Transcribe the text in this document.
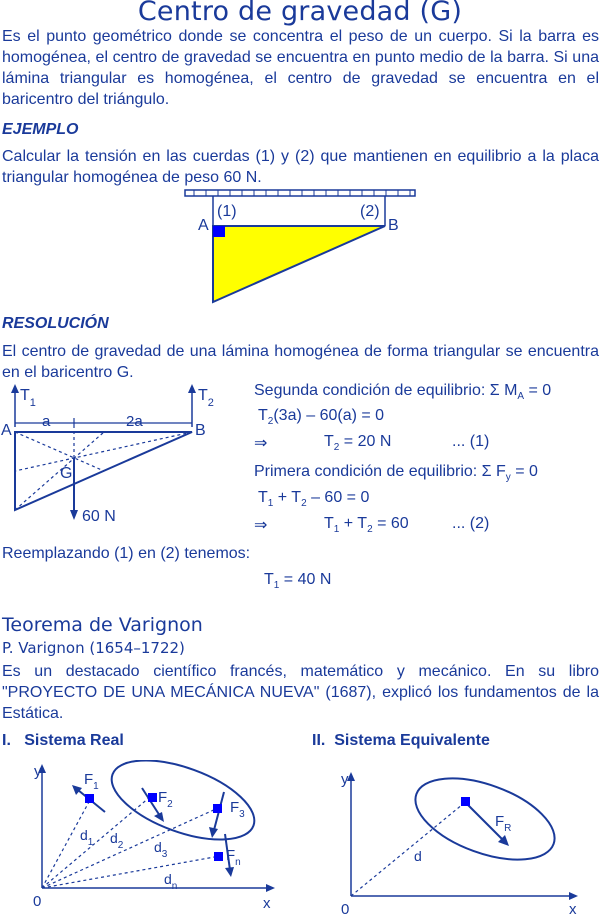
Centro de gravedad (G)
Es el punto geométrico donde se concentra el peso de un cuerpo. Si la barra es homogénea, el centro de gravedad se encuentra en punto medio de la barra. Si una lámina triangular es homogénea, el centro de gravedad se encuentra en el baricentro del triángulo.
EJEMPLO
Calcular la tensión en las cuerdas (1) y (2) que mantienen en equilibrio a la placa triangular homogénea de peso 60 N.
A	B
(1)	(2)
RESOLUCIÓN
El centro de gravedad de una lámina homogénea de forma triangular se encuentra en el baricentro G.
$T_1$	$T_2$
a	2a
G
A	B
60 N
Segunda condición de equilibrio: Σ $M_A = 0$
$T_2(3a) - 60(a) = 0$
⇒	$T_2 = 20$ N	... (1)
Primera condición de equilibrio: Σ $F_y = 0$
$T_1 + T_2 - 60 = 0$
⇒	$T_1 + T_2 = 60$	... (2)
Reemplazando (1) en (2) tenemos:
$T_1 = 40$ N
Teorema de Varignon
P. Varignon (1654–1722)
Es un destacado científico francés, matemático y mecánico. En su libro "PROYECTO DE UNA MECÁNICA NUEVA" (1687), explicó los fundamentos de la Estática.
I.   Sistema Real	II.  Sistema Equivalente
y
x
0
$F_1$
$F_2$	$F_3$
$F_n$
$d_1$ $d_2$ $d_3$
$d_n$
y
x
0
$F_R$
d
